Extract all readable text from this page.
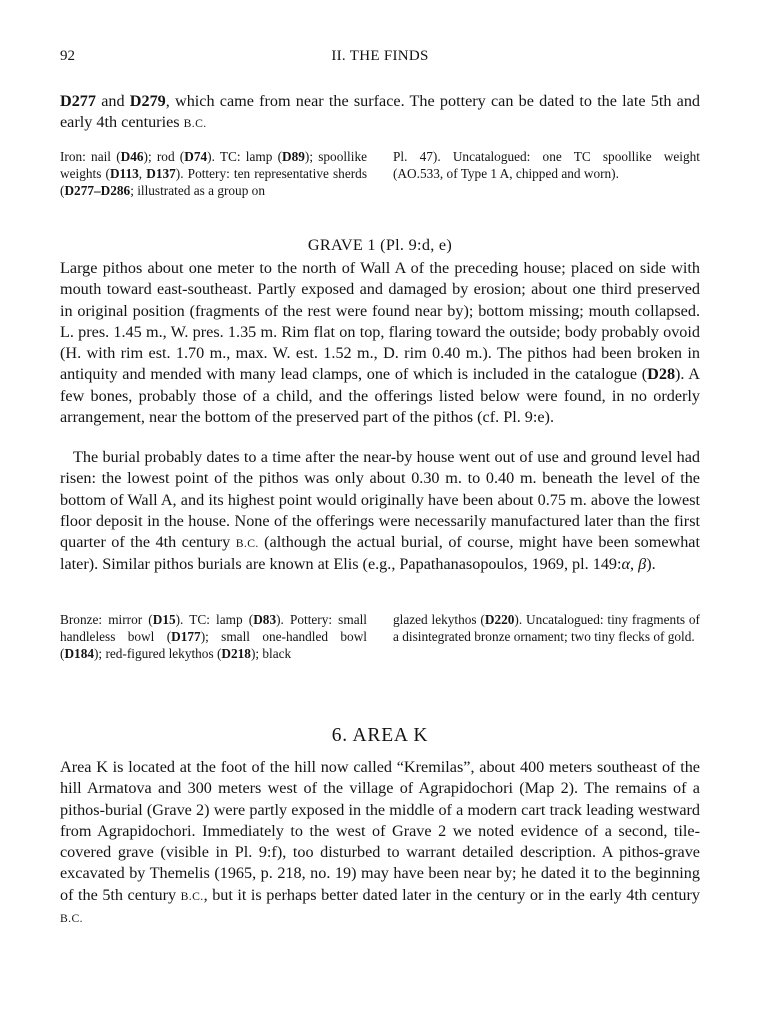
92	II. THE FINDS

D277 and D279, which came from near the surface. The pottery can be dated to the late 5th and early 4th centuries B.C.

Iron: nail (D46); rod (D74). TC: lamp (D89); spoollike weights (D113, D137). Pottery: ten representative sherds (D277–D286; illustrated as a group on

Pl. 47). Uncatalogued: one TC spoollike weight (AO.533, of Type 1 A, chipped and worn).

GRAVE 1 (Pl. 9:d, e)

Large pithos about one meter to the north of Wall A of the preceding house; placed on side with mouth toward east-southeast. Partly exposed and damaged by erosion; about one third preserved in original position (fragments of the rest were found near by); bottom missing; mouth collapsed. L. pres. 1.45 m., W. pres. 1.35 m. Rim flat on top, flaring toward the outside; body probably ovoid (H. with rim est. 1.70 m., max. W. est. 1.52 m., D. rim 0.40 m.). The pithos had been broken in antiquity and mended with many lead clamps, one of which is included in the catalogue (D28). A few bones, probably those of a child, and the offerings listed below were found, in no orderly arrangement, near the bottom of the preserved part of the pithos (cf. Pl. 9:e).

The burial probably dates to a time after the near-by house went out of use and ground level had risen: the lowest point of the pithos was only about 0.30 m. to 0.40 m. beneath the level of the bottom of Wall A, and its highest point would originally have been about 0.75 m. above the lowest floor deposit in the house. None of the offerings were necessarily manufactured later than the first quarter of the 4th century B.C. (although the actual burial, of course, might have been somewhat later). Similar pithos burials are known at Elis (e.g., Papathanasopoulos, 1969, pl. 149:α, β).

Bronze: mirror (D15). TC: lamp (D83). Pottery: small handleless bowl (D177); small one-handled bowl (D184); red-figured lekythos (D218); black

glazed lekythos (D220). Uncatalogued: tiny fragments of a disintegrated bronze ornament; two tiny flecks of gold.

6. AREA K

Area K is located at the foot of the hill now called “Kremilas”, about 400 meters southeast of the hill Armatova and 300 meters west of the village of Agrapidochori (Map 2). The remains of a pithos-burial (Grave 2) were partly exposed in the middle of a modern cart track leading westward from Agrapidochori. Immediately to the west of Grave 2 we noted evidence of a second, tile-covered grave (visible in Pl. 9:f), too disturbed to warrant detailed description. A pithos-grave excavated by Themelis (1965, p. 218, no. 19) may have been near by; he dated it to the beginning of the 5th century B.C., but it is perhaps better dated later in the century or in the early 4th century B.C.
